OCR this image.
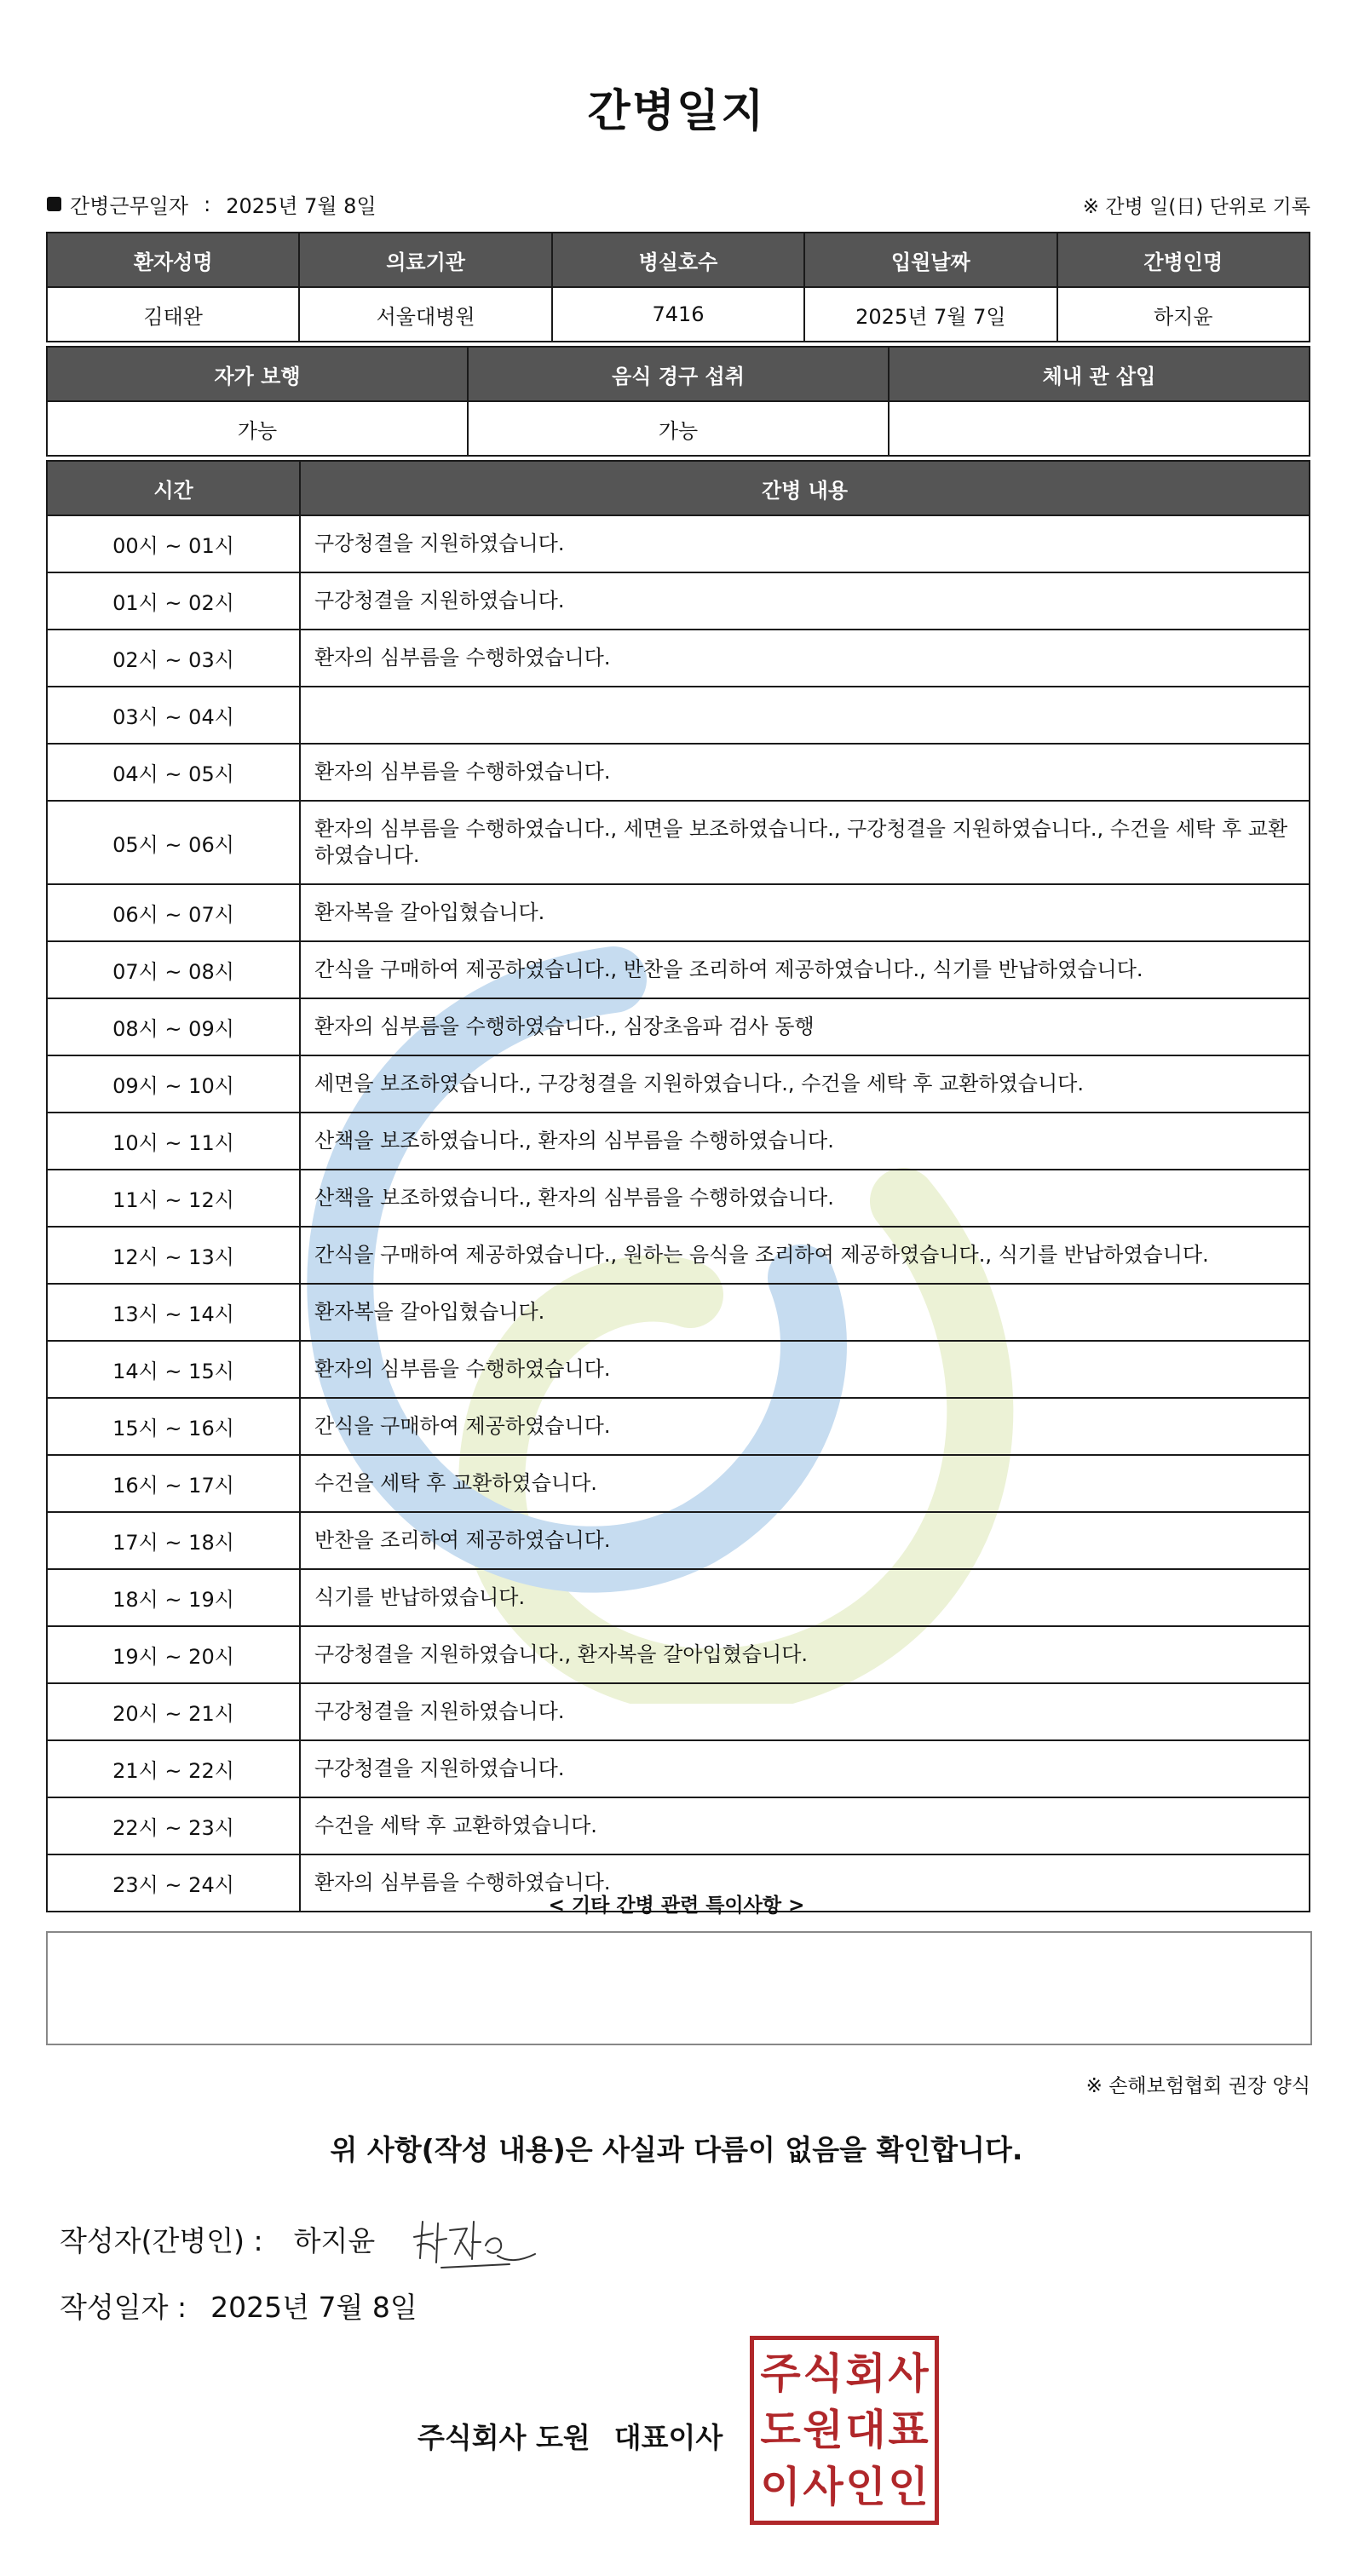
간병일지
간병근무일자 : 2025년 7월 8일	※ 간병 일(日) 단위로 기록
환자성명	의료기관	병실호수	입원날짜	간병인명
김태완	서울대병원	7416	2025년 7월 7일	하지윤
자가 보행	음식 경구 섭취	체내 관 삽입
가능	가능	
시간	간병 내용
00시 ~ 01시	구강청결을 지원하였습니다.
01시 ~ 02시	구강청결을 지원하였습니다.
02시 ~ 03시	환자의 심부름을 수행하였습니다.
03시 ~ 04시	
04시 ~ 05시	환자의 심부름을 수행하였습니다.
05시 ~ 06시	환자의 심부름을 수행하였습니다., 세면을 보조하였습니다., 구강청결을 지원하였습니다., 수건을 세탁 후 교환하였습니다.
06시 ~ 07시	환자복을 갈아입혔습니다.
07시 ~ 08시	간식을 구매하여 제공하였습니다., 반찬을 조리하여 제공하였습니다., 식기를 반납하였습니다.
08시 ~ 09시	환자의 심부름을 수행하였습니다., 심장초음파 검사 동행
09시 ~ 10시	세면을 보조하였습니다., 구강청결을 지원하였습니다., 수건을 세탁 후 교환하였습니다.
10시 ~ 11시	산책을 보조하였습니다., 환자의 심부름을 수행하였습니다.
11시 ~ 12시	산책을 보조하였습니다., 환자의 심부름을 수행하였습니다.
12시 ~ 13시	간식을 구매하여 제공하였습니다., 원하는 음식을 조리하여 제공하였습니다., 식기를 반납하였습니다.
13시 ~ 14시	환자복을 갈아입혔습니다.
14시 ~ 15시	환자의 심부름을 수행하였습니다.
15시 ~ 16시	간식을 구매하여 제공하였습니다.
16시 ~ 17시	수건을 세탁 후 교환하였습니다.
17시 ~ 18시	반찬을 조리하여 제공하였습니다.
18시 ~ 19시	식기를 반납하였습니다.
19시 ~ 20시	구강청결을 지원하였습니다., 환자복을 갈아입혔습니다.
20시 ~ 21시	구강청결을 지원하였습니다.
21시 ~ 22시	구강청결을 지원하였습니다.
22시 ~ 23시	수건을 세탁 후 교환하였습니다.
23시 ~ 24시	환자의 심부름을 수행하였습니다.
< 기타 간병 관련 특이사항 >
※ 손해보험협회 권장 양식
위 사항(작성 내용)은 사실과 다름이 없음을 확인합니다.
작성자(간병인) : 하지윤
작성일자 : 2025년 7월 8일
주식회사 도원 대표이사
주 식 회 사
도 원 대 표
이 사 인 인
